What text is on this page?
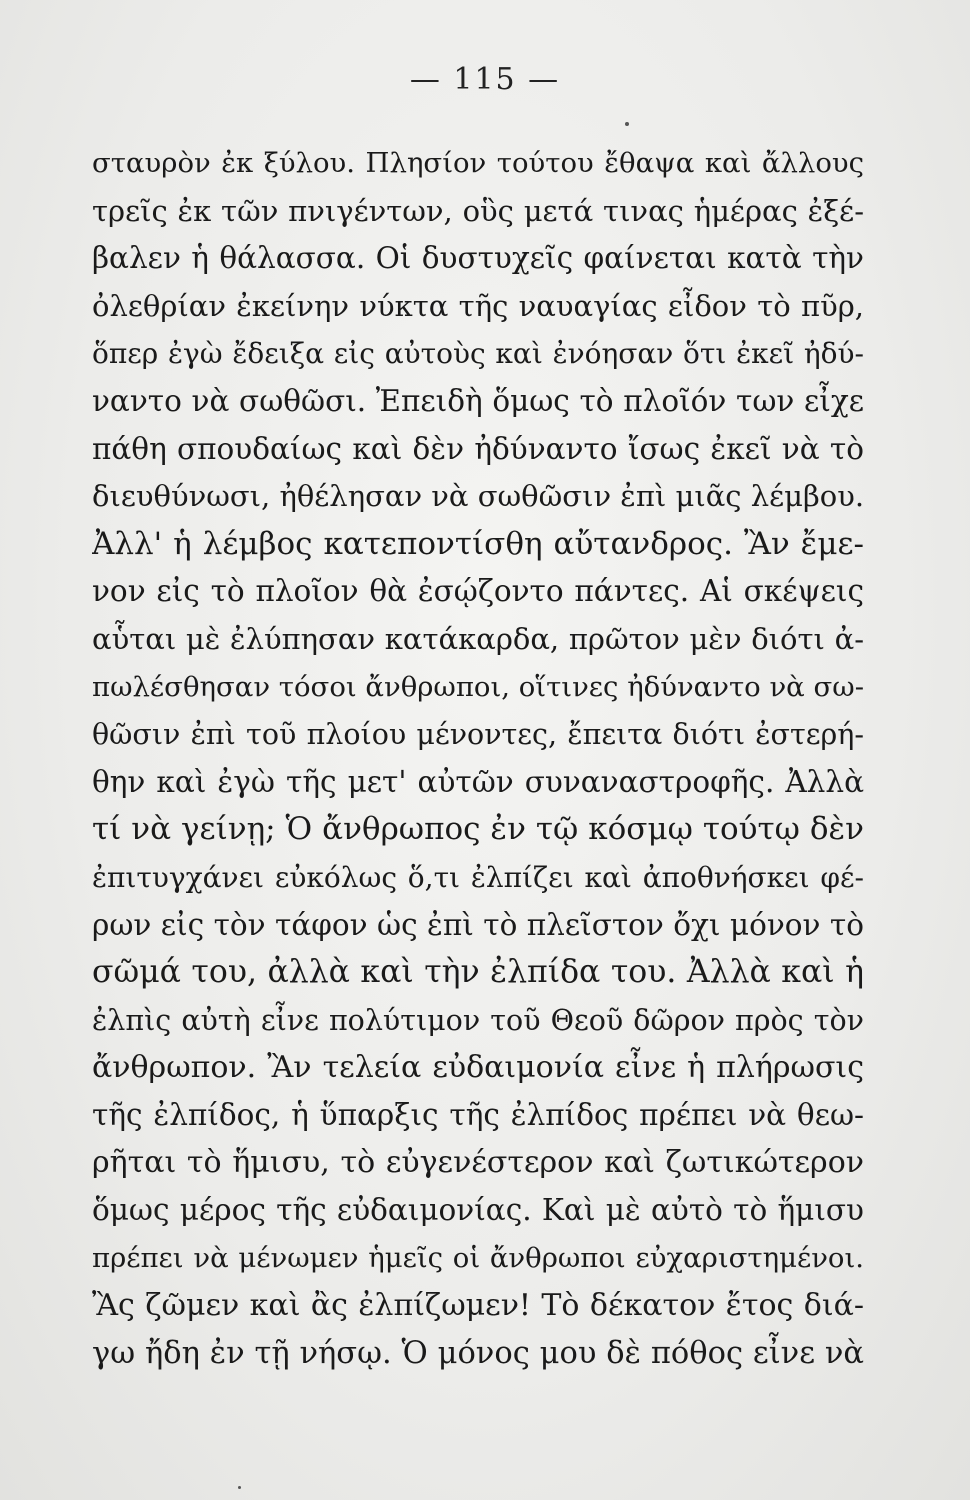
— 115 —
σταυρὸν ἐκ ξύλου. Πλησίον τούτου ἔθαψα καὶ ἄλλους
τρεῖς ἐκ τῶν πνιγέντων, οὓς μετά τινας ἡμέρας ἐξέ-
βαλεν ἡ θάλασσα. Οἱ δυστυχεῖς φαίνεται κατὰ τὴν
ὀλεθρίαν ἐκείνην νύκτα τῆς ναυαγίας εἶδον τὸ πῦρ,
ὅπερ ἐγὼ ἔδειξα εἰς αὐτοὺς καὶ ἐνόησαν ὅτι ἐκεῖ ἠδύ-
ναντο νὰ σωθῶσι. Ἐπειδὴ ὅμως τὸ πλοῖόν των εἶχε
πάθη σπουδαίως καὶ δὲν ἠδύναντο ἴσως ἐκεῖ νὰ τὸ
διευθύνωσι, ἠθέλησαν νὰ σωθῶσιν ἐπὶ μιᾶς λέμβου.
Ἀλλ' ἡ λέμβος κατεποντίσθη αὔτανδρος. Ἂν ἔμε-
νον εἰς τὸ πλοῖον θὰ ἐσῴζοντο πάντες. Αἱ σκέψεις
αὗται μὲ ἐλύπησαν κατάκαρδα, πρῶτον μὲν διότι ἀ-
πωλέσθησαν τόσοι ἄνθρωποι, οἵτινες ἠδύναντο νὰ σω-
θῶσιν ἐπὶ τοῦ πλοίου μένοντες, ἔπειτα διότι ἐστερή-
θην καὶ ἐγὼ τῆς μετ' αὐτῶν συναναστροφῆς. Ἀλλὰ
τί νὰ γείνῃ; Ὁ ἄνθρωπος ἐν τῷ κόσμῳ τούτῳ δὲν
ἐπιτυγχάνει εὐκόλως ὅ,τι ἐλπίζει καὶ ἀποθνήσκει φέ-
ρων εἰς τὸν τάφον ὡς ἐπὶ τὸ πλεῖστον ὄχι μόνον τὸ
σῶμά του, ἀλλὰ καὶ τὴν ἐλπίδα του. Ἀλλὰ καὶ ἡ
ἐλπὶς αὐτὴ εἶνε πολύτιμον τοῦ Θεοῦ δῶρον πρὸς τὸν
ἄνθρωπον. Ἂν τελεία εὐδαιμονία εἶνε ἡ πλήρωσις
τῆς ἐλπίδος, ἡ ὕπαρξις τῆς ἐλπίδος πρέπει νὰ θεω-
ρῆται τὸ ἥμισυ, τὸ εὐγενέστερον καὶ ζωτικώτερον
ὅμως μέρος τῆς εὐδαιμονίας. Καὶ μὲ αὐτὸ τὸ ἥμισυ
πρέπει νὰ μένωμεν ἡμεῖς οἱ ἄνθρωποι εὐχαριστημένοι.
Ἂς ζῶμεν καὶ ἂς ἐλπίζωμεν! Τὸ δέκατον ἔτος διά-
γω ἤδη ἐν τῇ νήσῳ. Ὁ μόνος μου δὲ πόθος εἶνε νὰ
